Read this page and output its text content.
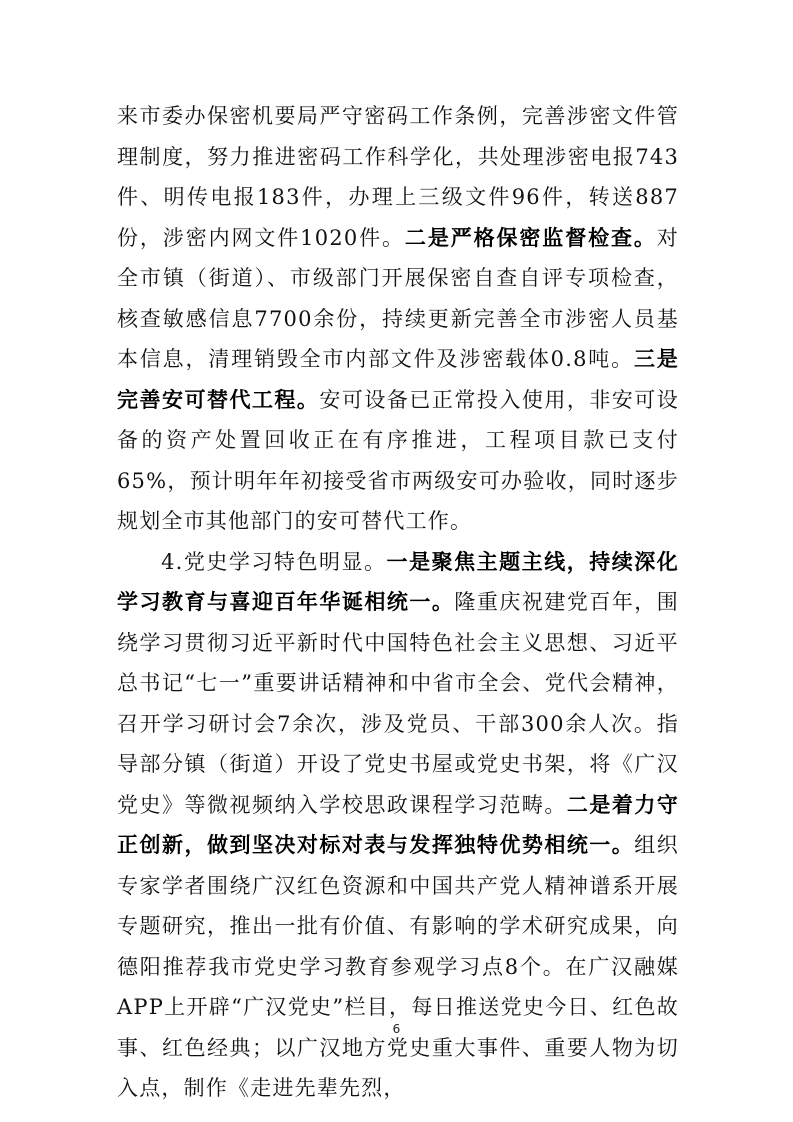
来市委办保密机要局严守密码工作条例，完善涉密文件管理制度，努力推进密码工作科学化，共处理涉密电报743件、明传电报183件，办理上三级文件96件，转送887份，涉密内网文件1020件。二是严格保密监督检查。对全市镇（街道）、市级部门开展保密自查自评专项检查，核查敏感信息7700余份，持续更新完善全市涉密人员基本信息，清理销毁全市内部文件及涉密载体0.8吨。三是完善安可替代工程。安可设备已正常投入使用，非安可设备的资产处置回收正在有序推进，工程项目款已支付65%，预计明年年初接受省市两级安可办验收，同时逐步规划全市其他部门的安可替代工作。

4.党史学习特色明显。一是聚焦主题主线，持续深化学习教育与喜迎百年华诞相统一。隆重庆祝建党百年，围绕学习贯彻习近平新时代中国特色社会主义思想、习近平总书记“七一”重要讲话精神和中省市全会、党代会精神，召开学习研讨会7余次，涉及党员、干部300余人次。指导部分镇（街道）开设了党史书屋或党史书架，将《广汉党史》等微视频纳入学校思政课程学习范畴。二是着力守正创新，做到坚决对标对表与发挥独特优势相统一。组织专家学者围绕广汉红色资源和中国共产党人精神谱系开展专题研究，推出一批有价值、有影响的学术研究成果，向德阳推荐我市党史学习教育参观学习点8个。在广汉融媒APP上开辟“广汉党史”栏目，每日推送党史今日、红色故事、红色经典；以广汉地方党史重大事件、重要人物为切入点，制作《走进先辈先烈，

6
